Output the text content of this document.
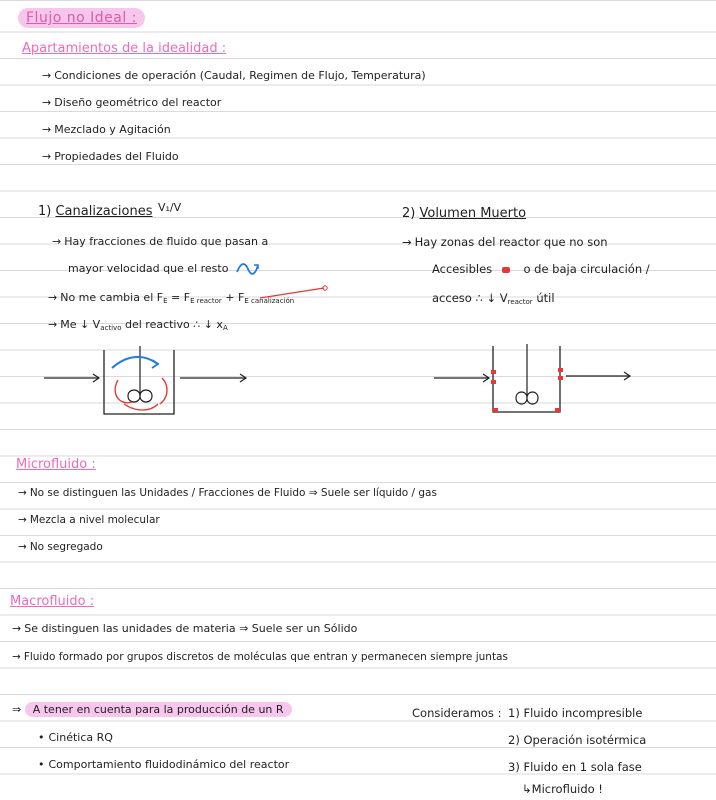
Flujo no Ideal :
Apartamientos de la idealidad :
→ Condiciones de operación (Caudal, Regimen de Flujo, Temperatura)
→ Diseño geométrico del reactor
→ Mezclado y Agitación
→ Propiedades del Fluido
1) Canalizaciones V₁/V
→ Hay fracciones de fluido que pasan a
mayor velocidad que el resto
→ No me cambia el $F_E = F_{E reactor} + F_{E canalización}$
→ Me ↓ $V_{activo}$ del reactivo ∴ ↓ $x_A$
2) Volumen Muerto
→ Hay zonas del reactor que no son
Accesibles	o de baja circulación /
acceso ∴ ↓ $V_{reactor}$ útil
Microfluido :
→ No se distinguen las Unidades / Fracciones de Fluido ⇒ Suele ser líquido / gas
→ Mezcla a nivel molecular
→ No segregado
Macrofluido :
→ Se distinguen las unidades de materia ⇒ Suele ser un Sólido
→ Fluido formado por grupos discretos de moléculas que entran y permanecen siempre juntas
⇒ A tener en cuenta para la producción de un R
• Cinética RQ
• Comportamiento fluidodinámico del reactor
Consideramos : 1) Fluido incompresible
2) Operación isotérmica
3) Fluido en 1 sola fase
↳Microfluido !
